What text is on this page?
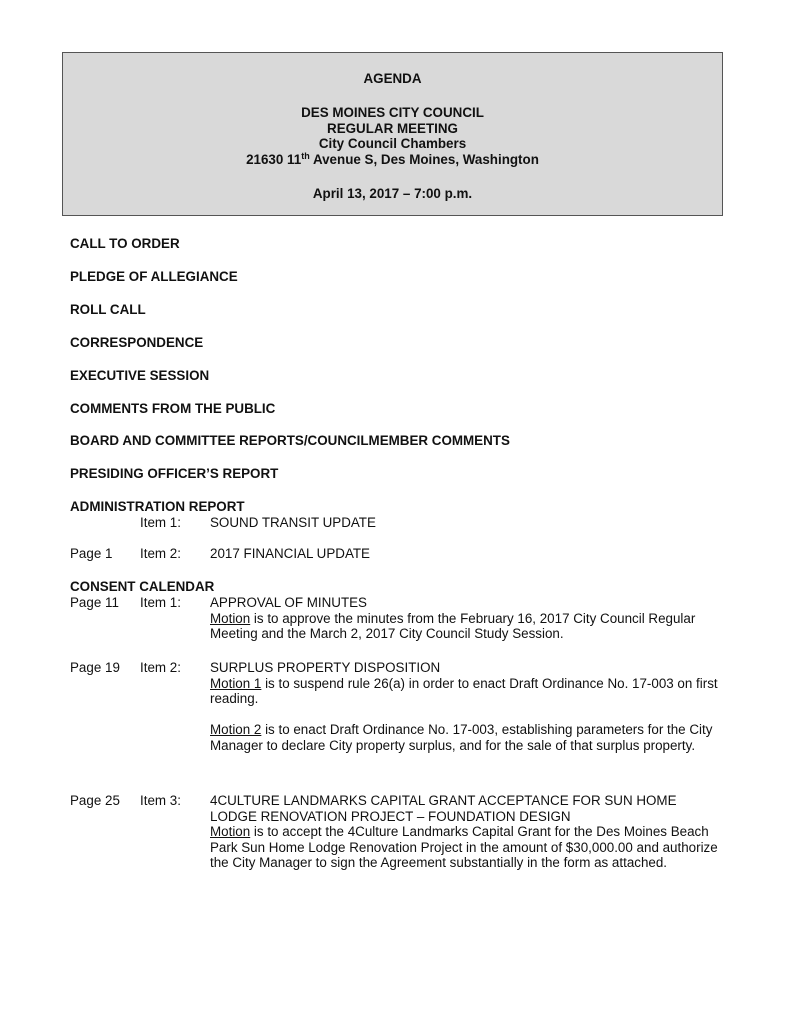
AGENDA
DES MOINES CITY COUNCIL
REGULAR MEETING
City Council Chambers
21630 11th Avenue S, Des Moines, Washington
April 13, 2017 – 7:00 p.m.
CALL TO ORDER
PLEDGE OF ALLEGIANCE
ROLL CALL
CORRESPONDENCE
EXECUTIVE SESSION
COMMENTS FROM THE PUBLIC
BOARD AND COMMITTEE REPORTS/COUNCILMEMBER COMMENTS
PRESIDING OFFICER’S REPORT
ADMINISTRATION REPORT
Item 1: SOUND TRANSIT UPDATE
Page 1 Item 2: 2017 FINANCIAL UPDATE
CONSENT CALENDAR
Page 11 Item 1: APPROVAL OF MINUTES

Motion is to approve the minutes from the February 16, 2017 City Council Regular Meeting and the March 2, 2017 City Council Study Session.
Page 19 Item 2: SURPLUS PROPERTY DISPOSITION
Motion 1 is to suspend rule 26(a) in order to enact Draft Ordinance No. 17-003 on first reading.
Motion 2 is to enact Draft Ordinance No. 17-003, establishing parameters for the City Manager to declare City property surplus, and for the sale of that surplus property.
Page 25 Item 3: 4CULTURE LANDMARKS CAPITAL GRANT ACCEPTANCE FOR SUN HOME LODGE RENOVATION PROJECT – FOUNDATION DESIGN
Motion is to accept the 4Culture Landmarks Capital Grant for the Des Moines Beach Park Sun Home Lodge Renovation Project in the amount of $30,000.00 and authorize the City Manager to sign the Agreement substantially in the form as attached.
